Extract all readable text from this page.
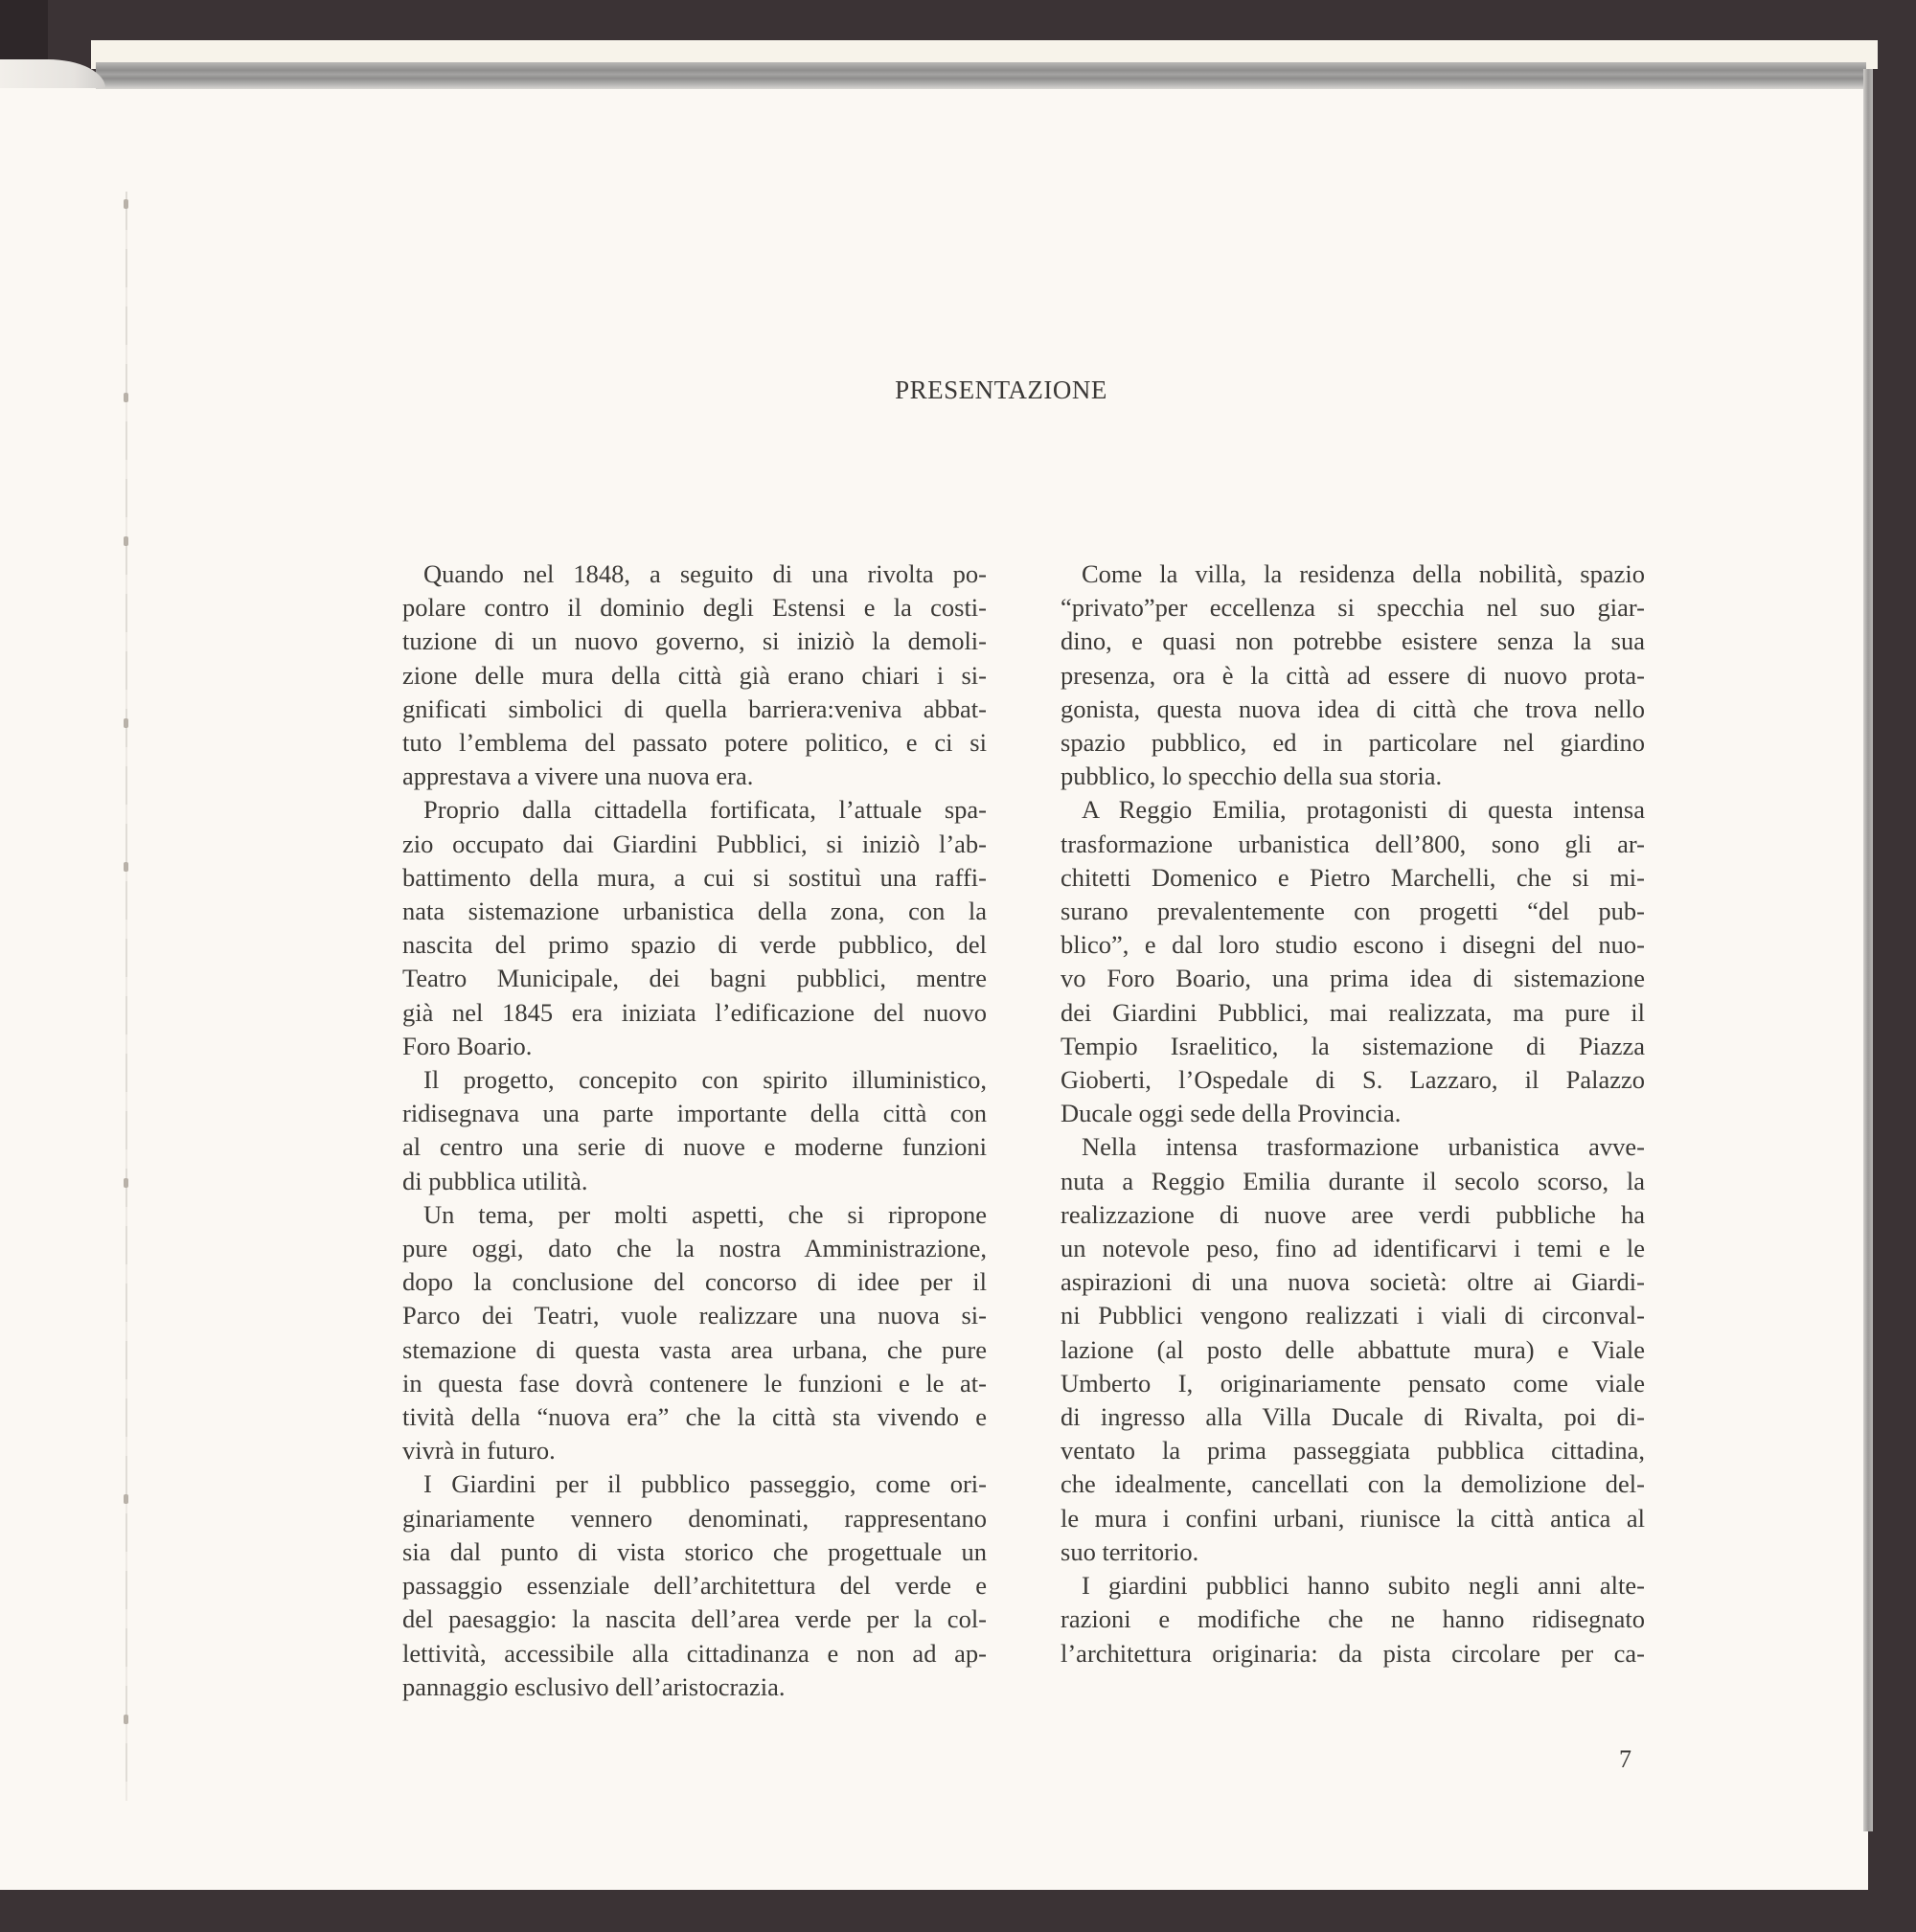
PRESENTAZIONE
Quando nel 1848, a seguito di una rivolta po-
polare contro il dominio degli Estensi e la costi-
tuzione di un nuovo governo, si iniziò la demoli-
zione delle mura della città già erano chiari i si-
gnificati simbolici di quella barriera:veniva abbat-
tuto l’emblema del passato potere politico, e ci si
apprestava a vivere una nuova era.
Proprio dalla cittadella fortificata, l’attuale spa-
zio occupato dai Giardini Pubblici, si iniziò l’ab-
battimento della mura, a cui si sostituì una raffi-
nata sistemazione urbanistica della zona, con la
nascita del primo spazio di verde pubblico, del
Teatro Municipale, dei bagni pubblici, mentre
già nel 1845 era iniziata l’edificazione del nuovo
Foro Boario.
Il progetto, concepito con spirito illuministico,
ridisegnava una parte importante della città con
al centro una serie di nuove e moderne funzioni
di pubblica utilità.
Un tema, per molti aspetti, che si ripropone
pure oggi, dato che la nostra Amministrazione,
dopo la conclusione del concorso di idee per il
Parco dei Teatri, vuole realizzare una nuova si-
stemazione di questa vasta area urbana, che pure
in questa fase dovrà contenere le funzioni e le at-
tività della “nuova era” che la città sta vivendo e
vivrà in futuro.
I Giardini per il pubblico passeggio, come ori-
ginariamente vennero denominati, rappresentano
sia dal punto di vista storico che progettuale un
passaggio essenziale dell’architettura del verde e
del paesaggio: la nascita dell’area verde per la col-
lettività, accessibile alla cittadinanza e non ad ap-
pannaggio esclusivo dell’aristocrazia.
Come la villa, la residenza della nobilità, spazio
“privato”per eccellenza si specchia nel suo giar-
dino, e quasi non potrebbe esistere senza la sua
presenza, ora è la città ad essere di nuovo prota-
gonista, questa nuova idea di città che trova nello
spazio pubblico, ed in particolare nel giardino
pubblico, lo specchio della sua storia.
A Reggio Emilia, protagonisti di questa intensa
trasformazione urbanistica dell’800, sono gli ar-
chitetti Domenico e Pietro Marchelli, che si mi-
surano prevalentemente con progetti “del pub-
blico”, e dal loro studio escono i disegni del nuo-
vo Foro Boario, una prima idea di sistemazione
dei Giardini Pubblici, mai realizzata, ma pure il
Tempio Israelitico, la sistemazione di Piazza
Gioberti, l’Ospedale di S. Lazzaro, il Palazzo
Ducale oggi sede della Provincia.
Nella intensa trasformazione urbanistica avve-
nuta a Reggio Emilia durante il secolo scorso, la
realizzazione di nuove aree verdi pubbliche ha
un notevole peso, fino ad identificarvi i temi e le
aspirazioni di una nuova società: oltre ai Giardi-
ni Pubblici vengono realizzati i viali di circonval-
lazione (al posto delle abbattute mura) e Viale
Umberto I, originariamente pensato come viale
di ingresso alla Villa Ducale di Rivalta, poi di-
ventato la prima passeggiata pubblica cittadina,
che idealmente, cancellati con la demolizione del-
le mura i confini urbani, riunisce la città antica al
suo territorio.
I giardini pubblici hanno subito negli anni alte-
razioni e modifiche che ne hanno ridisegnato
l’architettura originaria: da pista circolare per ca-
7
